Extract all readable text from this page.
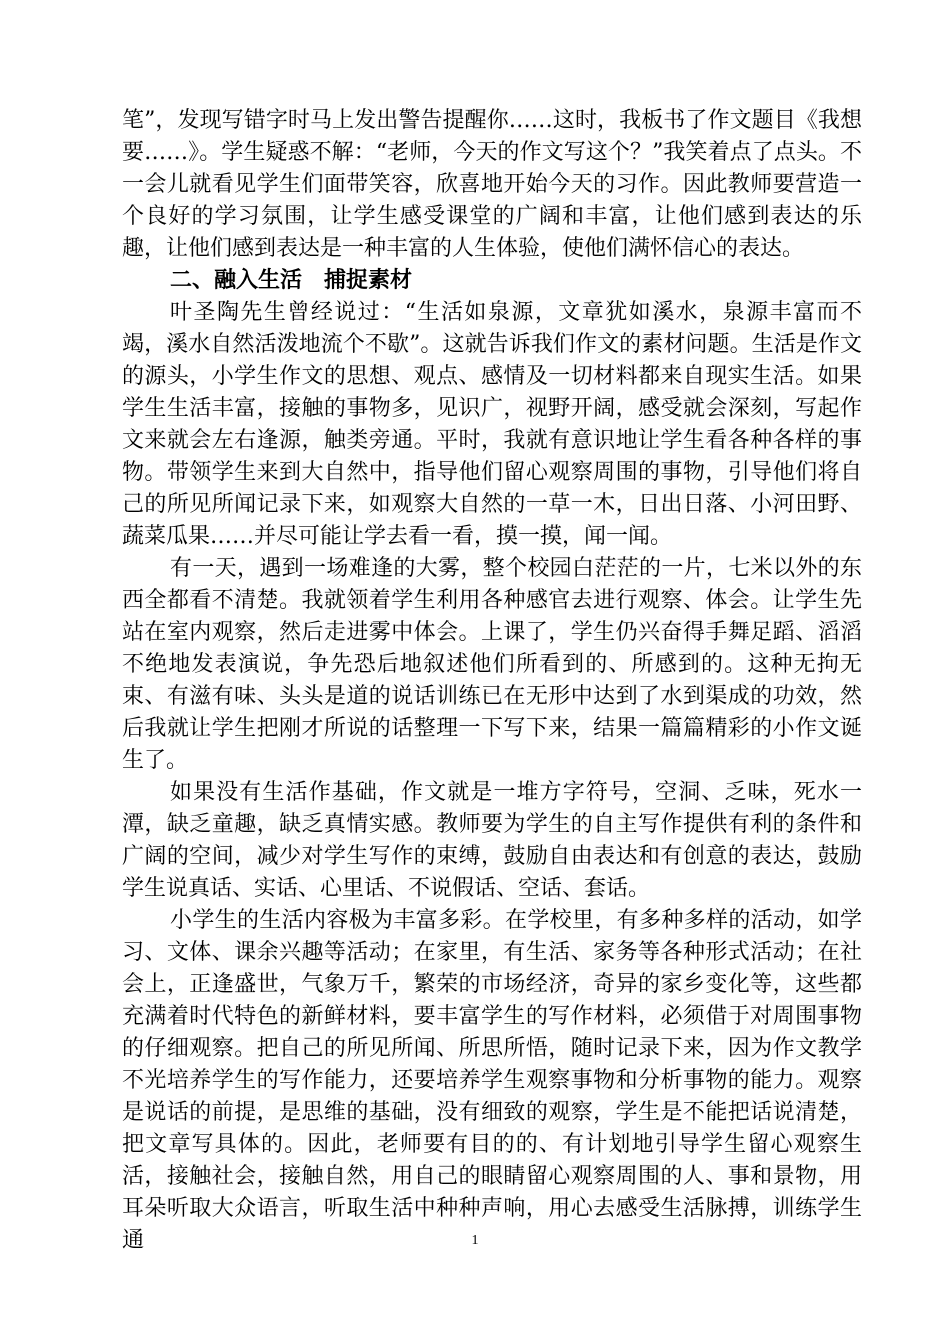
笔”，发现写错字时马上发出警告提醒你……这时，我板书了作文题目《我想要……》。学生疑惑不解：“老师，今天的作文写这个？”我笑着点了点头。不一会儿就看见学生们面带笑容，欣喜地开始今天的习作。因此教师要营造一个良好的学习氛围，让学生感受课堂的广阔和丰富，让他们感到表达的乐趣，让他们感到表达是一种丰富的人生体验，使他们满怀信心的表达。

二、融入生活　捕捉素材

叶圣陶先生曾经说过：“生活如泉源，文章犹如溪水，泉源丰富而不竭，溪水自然活泼地流个不歇”。这就告诉我们作文的素材问题。生活是作文的源头，小学生作文的思想、观点、感情及一切材料都来自现实生活。如果学生生活丰富，接触的事物多，见识广，视野开阔，感受就会深刻，写起作文来就会左右逢源，触类旁通。平时，我就有意识地让学生看各种各样的事物。带领学生来到大自然中，指导他们留心观察周围的事物，引导他们将自己的所见所闻记录下来，如观察大自然的一草一木，日出日落、小河田野、蔬菜瓜果……并尽可能让学去看一看，摸一摸，闻一闻。

有一天，遇到一场难逢的大雾，整个校园白茫茫的一片，七米以外的东西全都看不清楚。我就领着学生利用各种感官去进行观察、体会。让学生先站在室内观察，然后走进雾中体会。上课了，学生仍兴奋得手舞足蹈、滔滔不绝地发表演说，争先恐后地叙述他们所看到的、所感到的。这种无拘无束、有滋有味、头头是道的说话训练已在无形中达到了水到渠成的功效，然后我就让学生把刚才所说的话整理一下写下来，结果一篇篇精彩的小作文诞生了。

如果没有生活作基础，作文就是一堆方字符号，空洞、乏味，死水一潭，缺乏童趣，缺乏真情实感。教师要为学生的自主写作提供有利的条件和广阔的空间，减少对学生写作的束缚，鼓励自由表达和有创意的表达，鼓励学生说真话、实话、心里话、不说假话、空话、套话。

小学生的生活内容极为丰富多彩。在学校里，有多种多样的活动，如学习、文体、课余兴趣等活动；在家里，有生活、家务等各种形式活动；在社会上，正逢盛世，气象万千，繁荣的市场经济，奇异的家乡变化等，这些都充满着时代特色的新鲜材料，要丰富学生的写作材料，必须借于对周围事物的仔细观察。把自己的所见所闻、所思所悟，随时记录下来，因为作文教学不光培养学生的写作能力，还要培养学生观察事物和分析事物的能力。观察是说话的前提，是思维的基础，没有细致的观察，学生是不能把话说清楚，把文章写具体的。因此，老师要有目的的、有计划地引导学生留心观察生活，接触社会，接触自然，用自己的眼睛留心观察周围的人、事和景物，用耳朵听取大众语言，听取生活中种种声响，用心去感受生活脉搏，训练学生通	1
